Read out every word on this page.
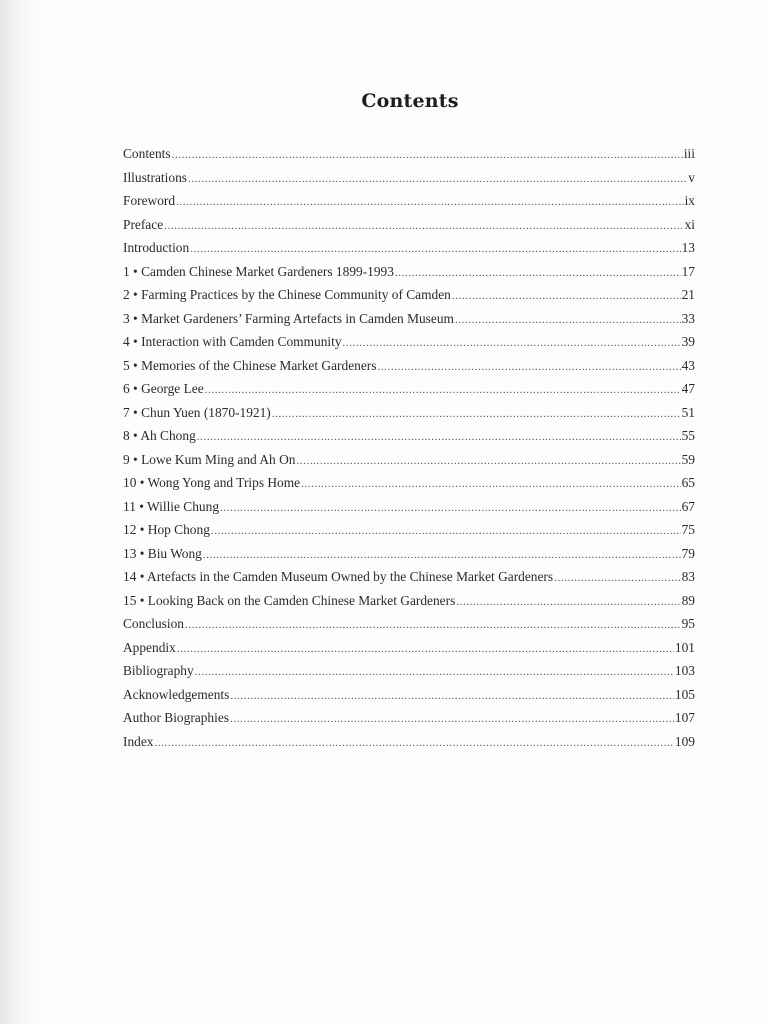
Contents
Contents .....	iii
Illustrations .....	v
Foreword .....	ix
Preface .....	xi
Introduction .....	13
1 • Camden Chinese Market Gardeners 1899-1993 .....	17
2 • Farming Practices by the Chinese Community of Camden .....	21
3 • Market Gardeners’ Farming Artefacts in Camden Museum .....	33
4 • Interaction with Camden Community .....	39
5 • Memories of the Chinese Market Gardeners .....	43
6 • George Lee .....	47
7 • Chun Yuen (1870-1921) .....	51
8 • Ah Chong .....	55
9 • Lowe Kum Ming and Ah On .....	59
10 • Wong Yong and Trips Home .....	65
11 • Willie Chung .....	67
12 • Hop Chong .....	75
13 • Biu Wong .....	79
14 • Artefacts in the Camden Museum Owned by the Chinese Market Gardeners .....	83
15 • Looking Back on the Camden Chinese Market Gardeners .....	89
Conclusion .....	95
Appendix .....	101
Bibliography .....	103
Acknowledgements .....	105
Author Biographies .....	107
Index .....	109
